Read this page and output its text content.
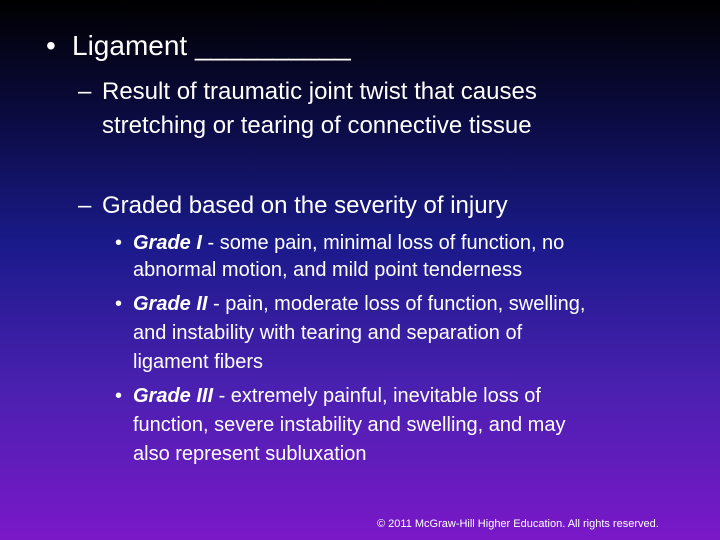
• Ligament __________
– Result of traumatic joint twist that causes
stretching or tearing of connective tissue
– Graded based on the severity of injury
• Grade I - some pain, minimal loss of function, no
abnormal motion, and mild point tenderness
• Grade II - pain, moderate loss of function, swelling,
and instability with tearing and separation of
ligament fibers
• Grade III - extremely painful, inevitable loss of
function, severe instability and swelling, and may
also represent subluxation
© 2011 McGraw-Hill Higher Education. All rights reserved.
